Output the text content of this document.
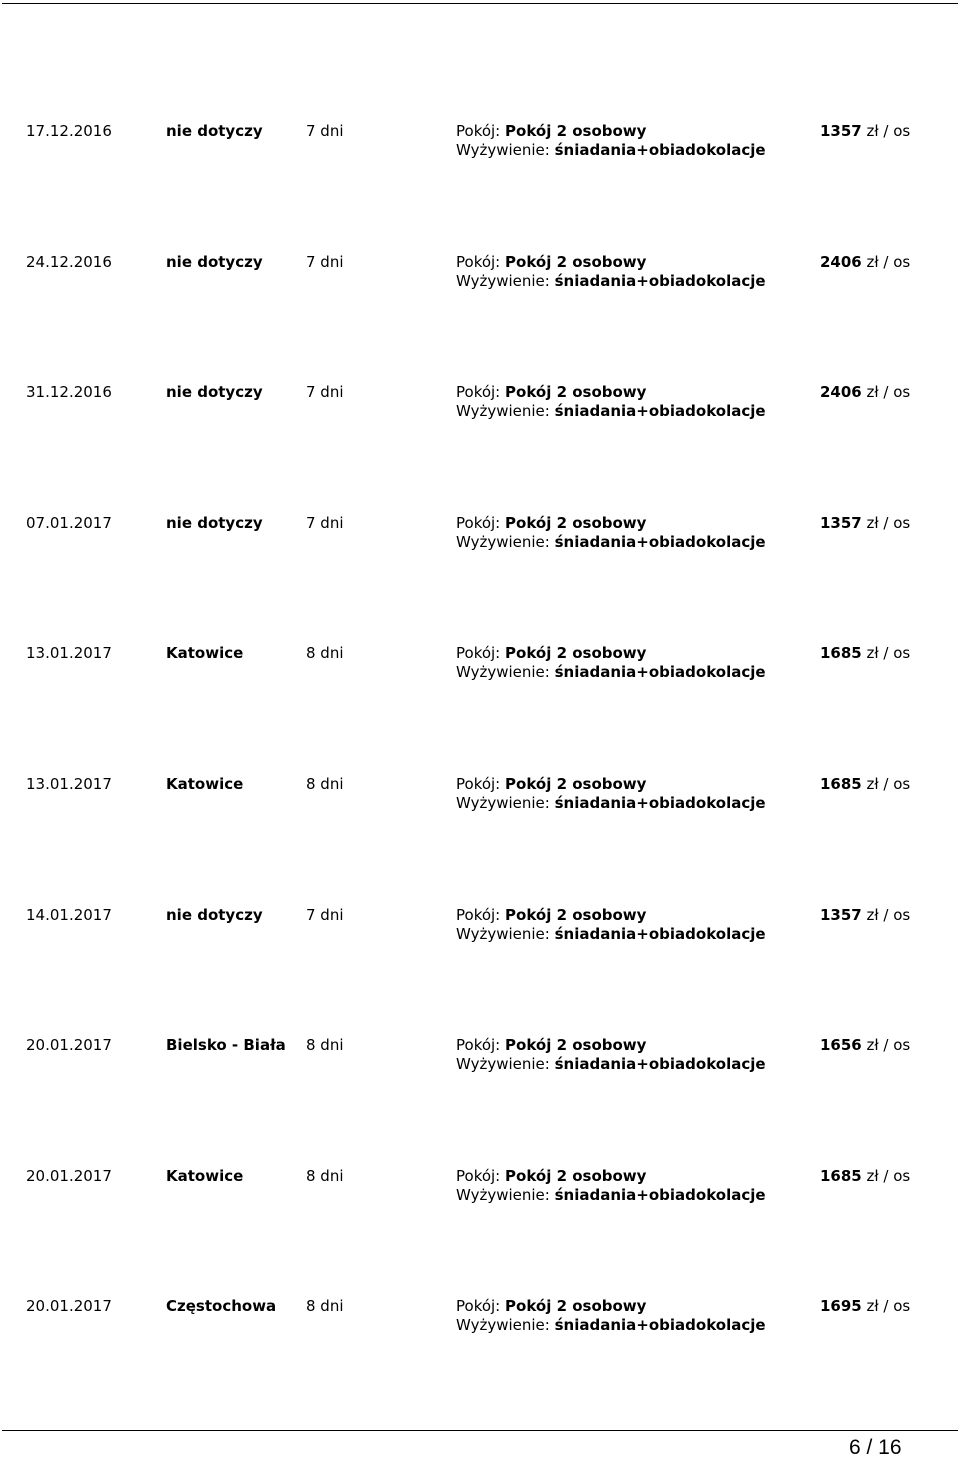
17.12.2016	nie dotyczy	7 dni	Pokój: Pokój 2 osobowy
Wyżywienie: śniadania+obiadokolacje
1357 zł / os
24.12.2016	nie dotyczy	7 dni	Pokój: Pokój 2 osobowy
Wyżywienie: śniadania+obiadokolacje
2406 zł / os
31.12.2016	nie dotyczy	7 dni	Pokój: Pokój 2 osobowy
Wyżywienie: śniadania+obiadokolacje
2406 zł / os
07.01.2017	nie dotyczy	7 dni	Pokój: Pokój 2 osobowy
Wyżywienie: śniadania+obiadokolacje
1357 zł / os
13.01.2017	Katowice	8 dni	Pokój: Pokój 2 osobowy
Wyżywienie: śniadania+obiadokolacje
1685 zł / os
13.01.2017	Katowice	8 dni	Pokój: Pokój 2 osobowy
Wyżywienie: śniadania+obiadokolacje
1685 zł / os
14.01.2017	nie dotyczy	7 dni	Pokój: Pokój 2 osobowy
Wyżywienie: śniadania+obiadokolacje
1357 zł / os
20.01.2017	Bielsko - Biała 8 dni	Pokój: Pokój 2 osobowy
Wyżywienie: śniadania+obiadokolacje
1656 zł / os
20.01.2017	Katowice	8 dni	Pokój: Pokój 2 osobowy
Wyżywienie: śniadania+obiadokolacje
1685 zł / os
20.01.2017	Częstochowa 8 dni	Pokój: Pokój 2 osobowy
Wyżywienie: śniadania+obiadokolacje
1695 zł / os
6 / 16
